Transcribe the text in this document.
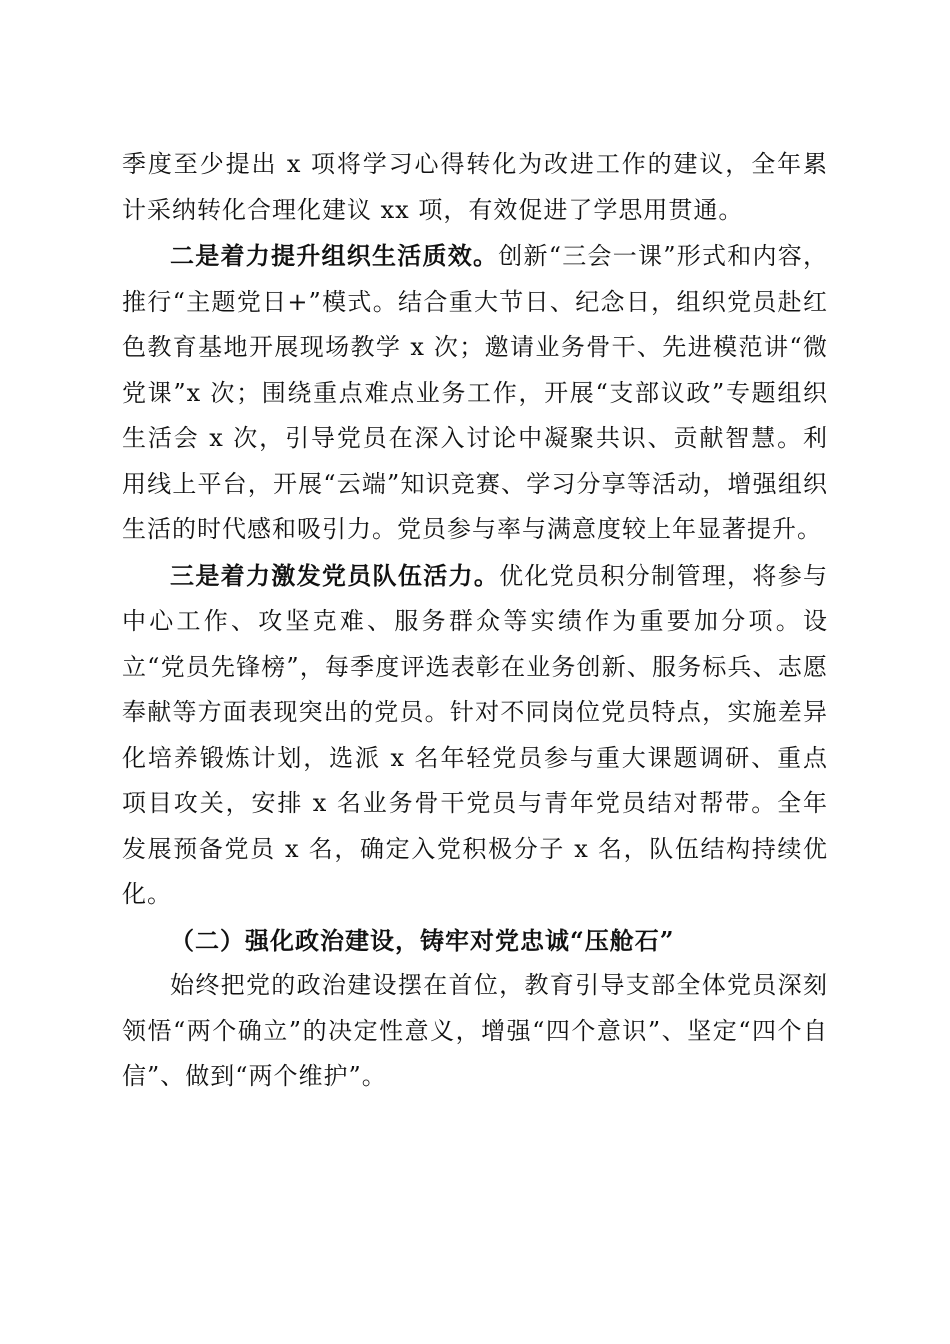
季度至少提出 x 项将学习心得转化为改进工作的建议，全年累计采纳转化合理化建议 xx 项，有效促进了学思用贯通。

二是着力提升组织生活质效。创新“三会一课”形式和内容，推行“主题党日+”模式。结合重大节日、纪念日，组织党员赴红色教育基地开展现场教学 x 次；邀请业务骨干、先进模范讲“微党课”x 次；围绕重点难点业务工作，开展“支部议政”专题组织生活会 x 次，引导党员在深入讨论中凝聚共识、贡献智慧。利用线上平台，开展“云端”知识竞赛、学习分享等活动，增强组织生活的时代感和吸引力。党员参与率与满意度较上年显著提升。

三是着力激发党员队伍活力。优化党员积分制管理，将参与中心工作、攻坚克难、服务群众等实绩作为重要加分项。设立“党员先锋榜”，每季度评选表彰在业务创新、服务标兵、志愿奉献等方面表现突出的党员。针对不同岗位党员特点，实施差异化培养锻炼计划，选派 x 名年轻党员参与重大课题调研、重点项目攻关，安排 x 名业务骨干党员与青年党员结对帮带。全年发展预备党员 x 名，确定入党积极分子 x 名，队伍结构持续优化。

（二）强化政治建设，铸牢对党忠诚“压舱石”

始终把党的政治建设摆在首位，教育引导支部全体党员深刻领悟“两个确立”的决定性意义，增强“四个意识”、坚定“四个自信”、做到“两个维护”。
